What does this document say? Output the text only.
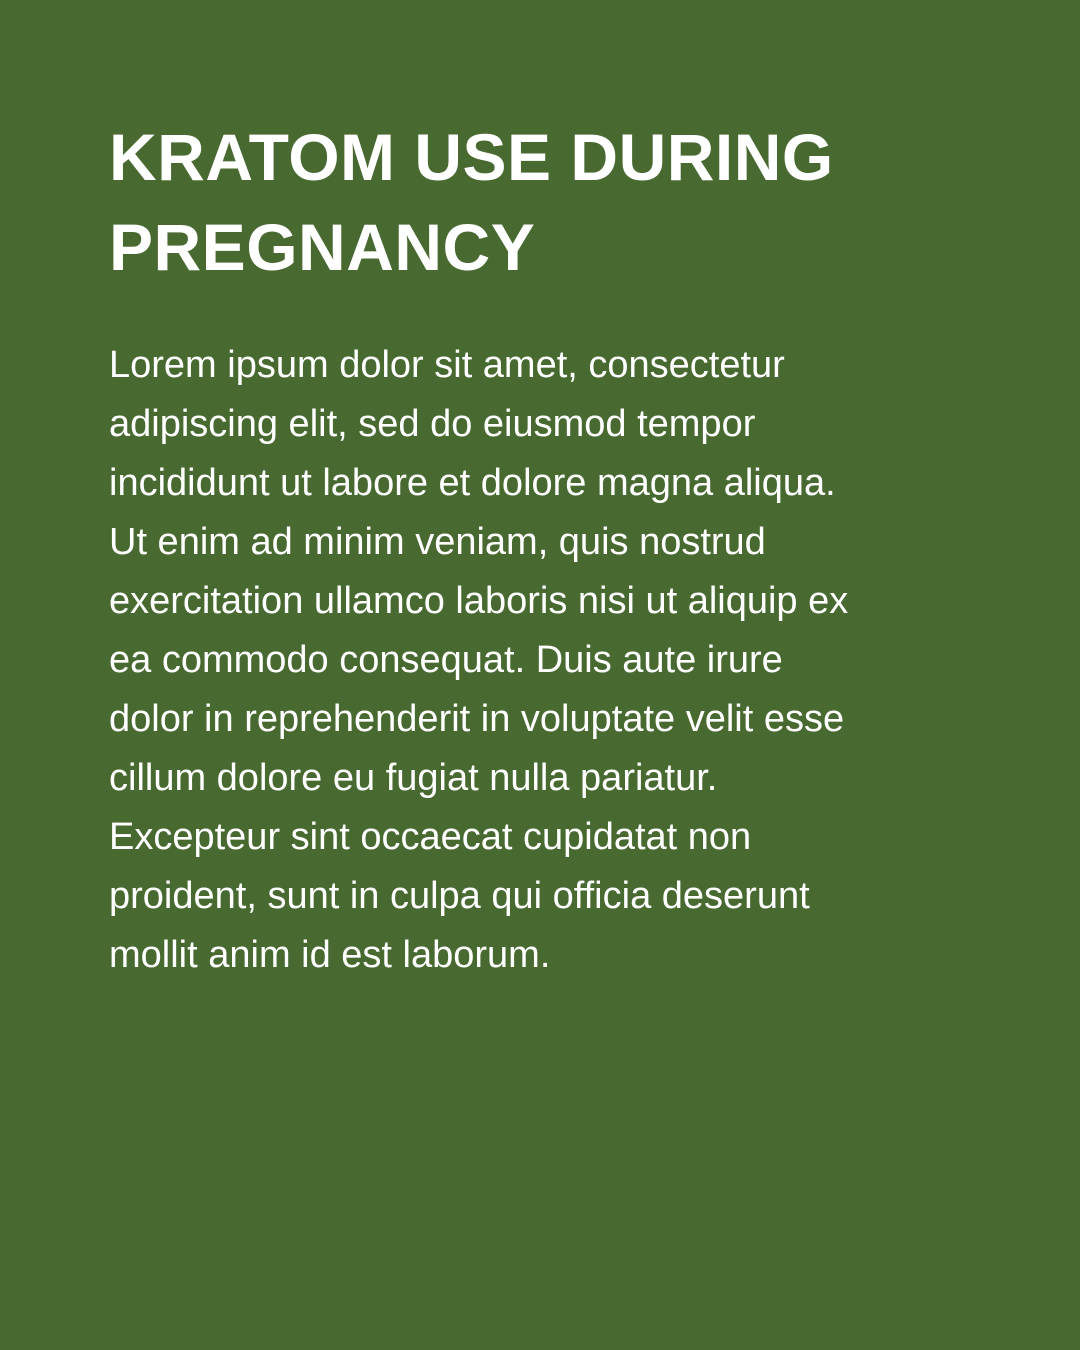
KRATOM USE DURING PREGNANCY

Lorem ipsum dolor sit amet, consectetur adipiscing elit, sed do eiusmod tempor incididunt ut labore et dolore magna aliqua. Ut enim ad minim veniam, quis nostrud exercitation ullamco laboris nisi ut aliquip ex ea commodo consequat. Duis aute irure dolor in reprehenderit in voluptate velit esse cillum dolore eu fugiat nulla pariatur. Excepteur sint occaecat cupidatat non proident, sunt in culpa qui officia deserunt mollit anim id est laborum.
